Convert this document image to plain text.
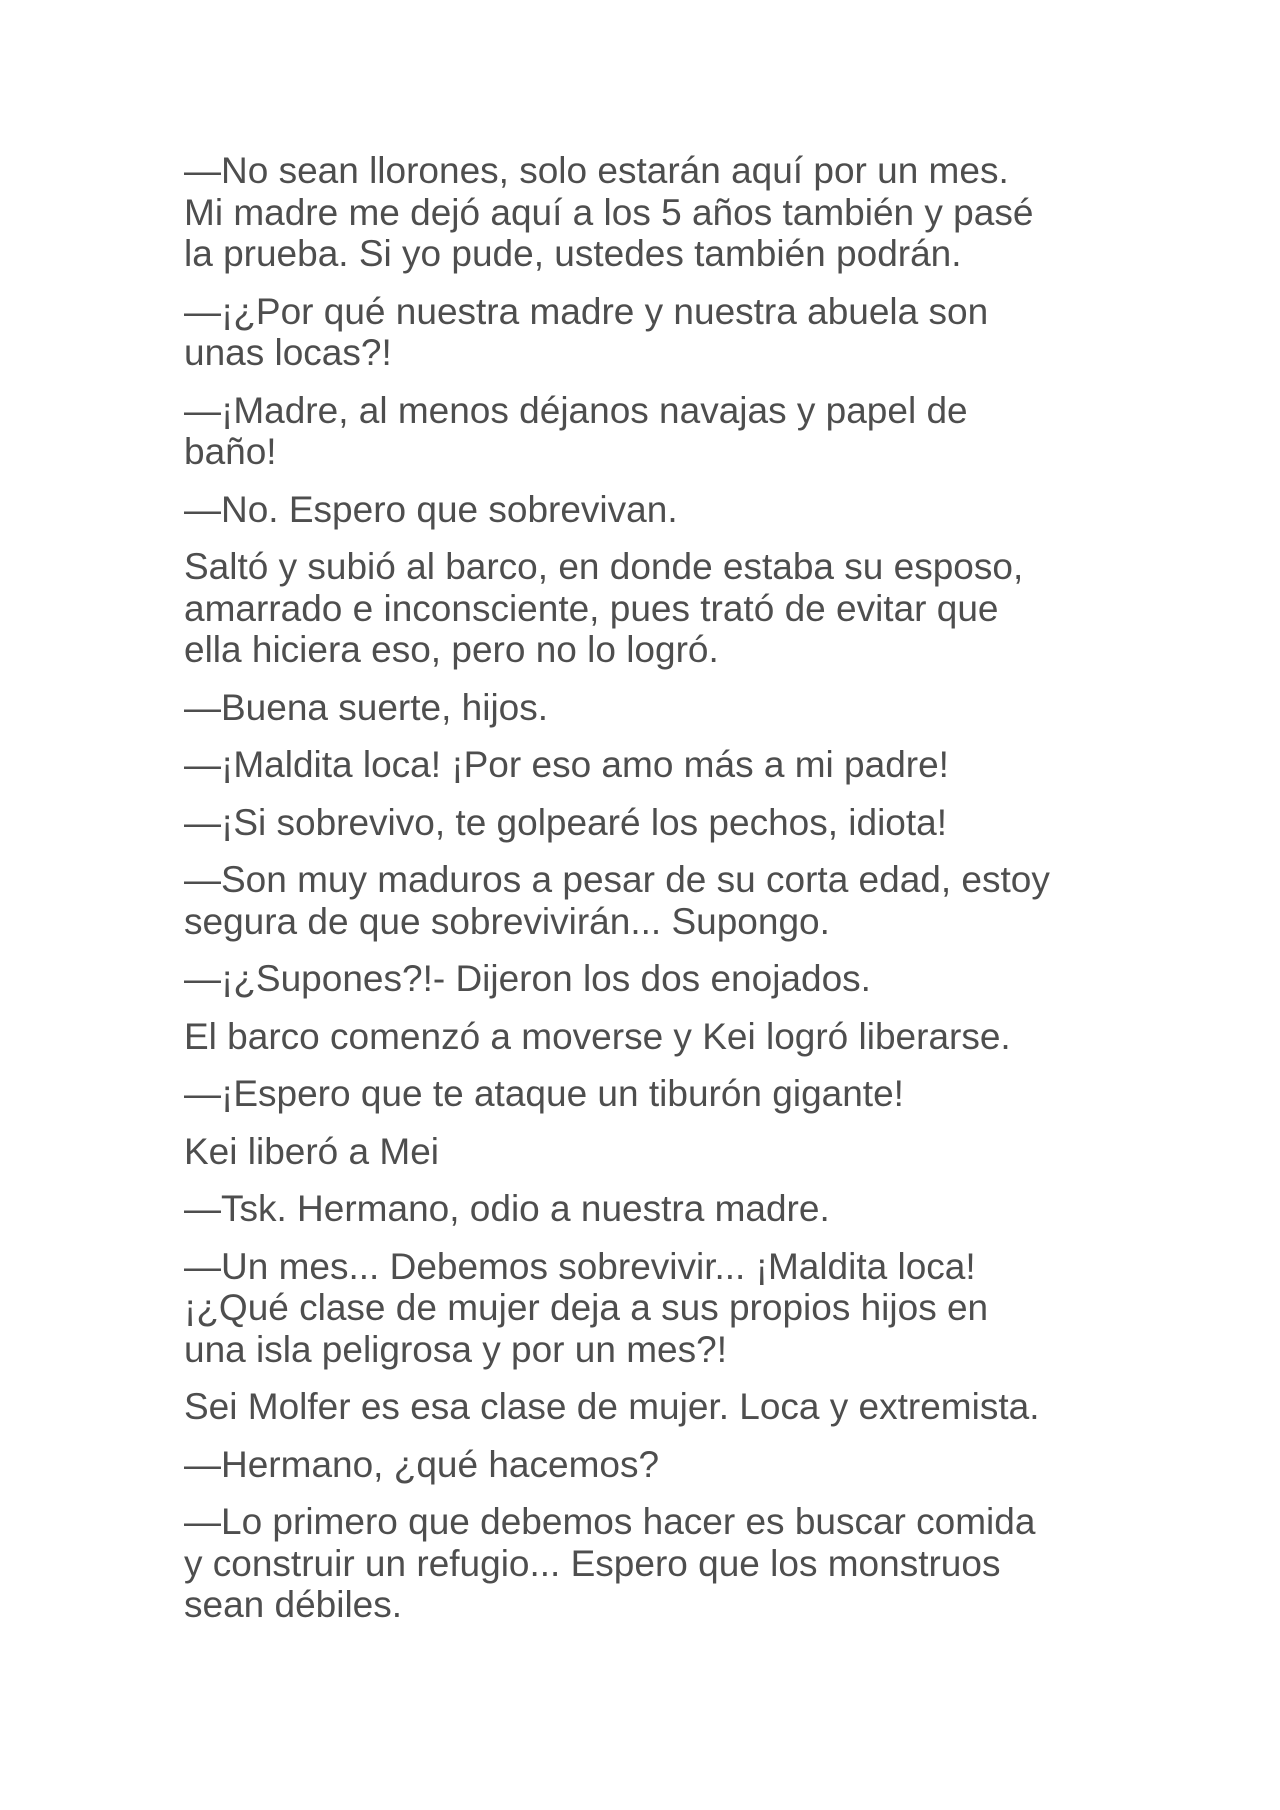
—No sean llorones, solo estarán aquí por un mes.
Mi madre me dejó aquí a los 5 años también y pasé
la prueba. Si yo pude, ustedes también podrán.

—¡¿Por qué nuestra madre y nuestra abuela son
unas locas?!

—¡Madre, al menos déjanos navajas y papel de
baño!

—No. Espero que sobrevivan.

Saltó y subió al barco, en donde estaba su esposo,
amarrado e inconsciente, pues trató de evitar que
ella hiciera eso, pero no lo logró.

—Buena suerte, hijos.

—¡Maldita loca! ¡Por eso amo más a mi padre!

—¡Si sobrevivo, te golpearé los pechos, idiota!

—Son muy maduros a pesar de su corta edad, estoy
segura de que sobrevivirán... Supongo.

—¡¿Supones?!- Dijeron los dos enojados.

El barco comenzó a moverse y Kei logró liberarse.

—¡Espero que te ataque un tiburón gigante!

Kei liberó a Mei

—Tsk. Hermano, odio a nuestra madre.

—Un mes... Debemos sobrevivir... ¡Maldita loca!
¡¿Qué clase de mujer deja a sus propios hijos en
una isla peligrosa y por un mes?!

Sei Molfer es esa clase de mujer. Loca y extremista.

—Hermano, ¿qué hacemos?

—Lo primero que debemos hacer es buscar comida
y construir un refugio... Espero que los monstruos
sean débiles.
